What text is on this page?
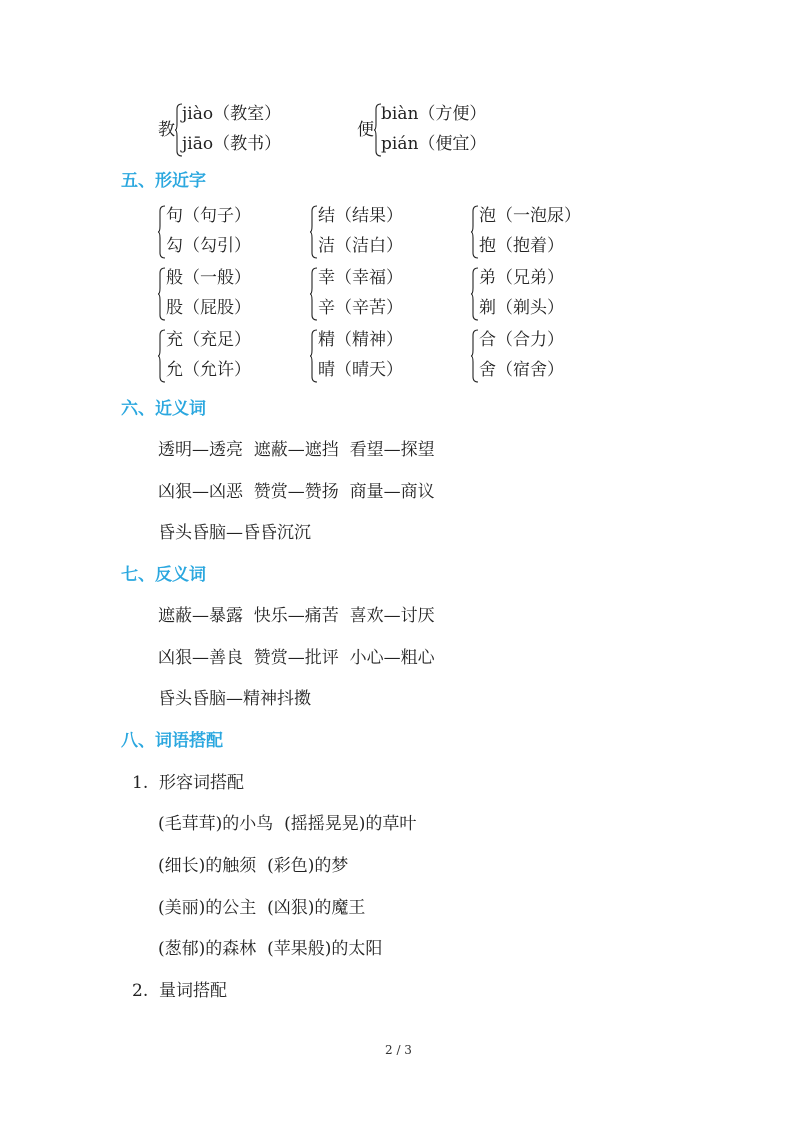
教
jiào（教室）
jiāo（教书）
便
biàn（方便）
pián（便宜）
五、形近字
句（句子）
勾（勾引）
结（结果）
洁（洁白）
泡（一泡尿）
抱（抱着）
般（一般）
股（屁股）
幸（幸福）
辛（辛苦）
弟（兄弟）
剃（剃头）
充（充足）
允（允许）
精（精神）
晴（晴天）
合（合力）
舍（宿舍）
六、近义词
透明—透亮  遮蔽—遮挡  看望—探望
凶狠—凶恶  赞赏—赞扬  商量—商议
昏头昏脑—昏昏沉沉
七、反义词
遮蔽—暴露  快乐—痛苦  喜欢—讨厌
凶狠—善良  赞赏—批评  小心—粗心
昏头昏脑—精神抖擞
八、词语搭配
1.  形容词搭配
(毛茸茸)的小鸟  (摇摇晃晃)的草叶
(细长)的触须  (彩色)的梦
(美丽)的公主  (凶狠)的魔王
(葱郁)的森林  (苹果般)的太阳
2.  量词搭配
2 / 3
